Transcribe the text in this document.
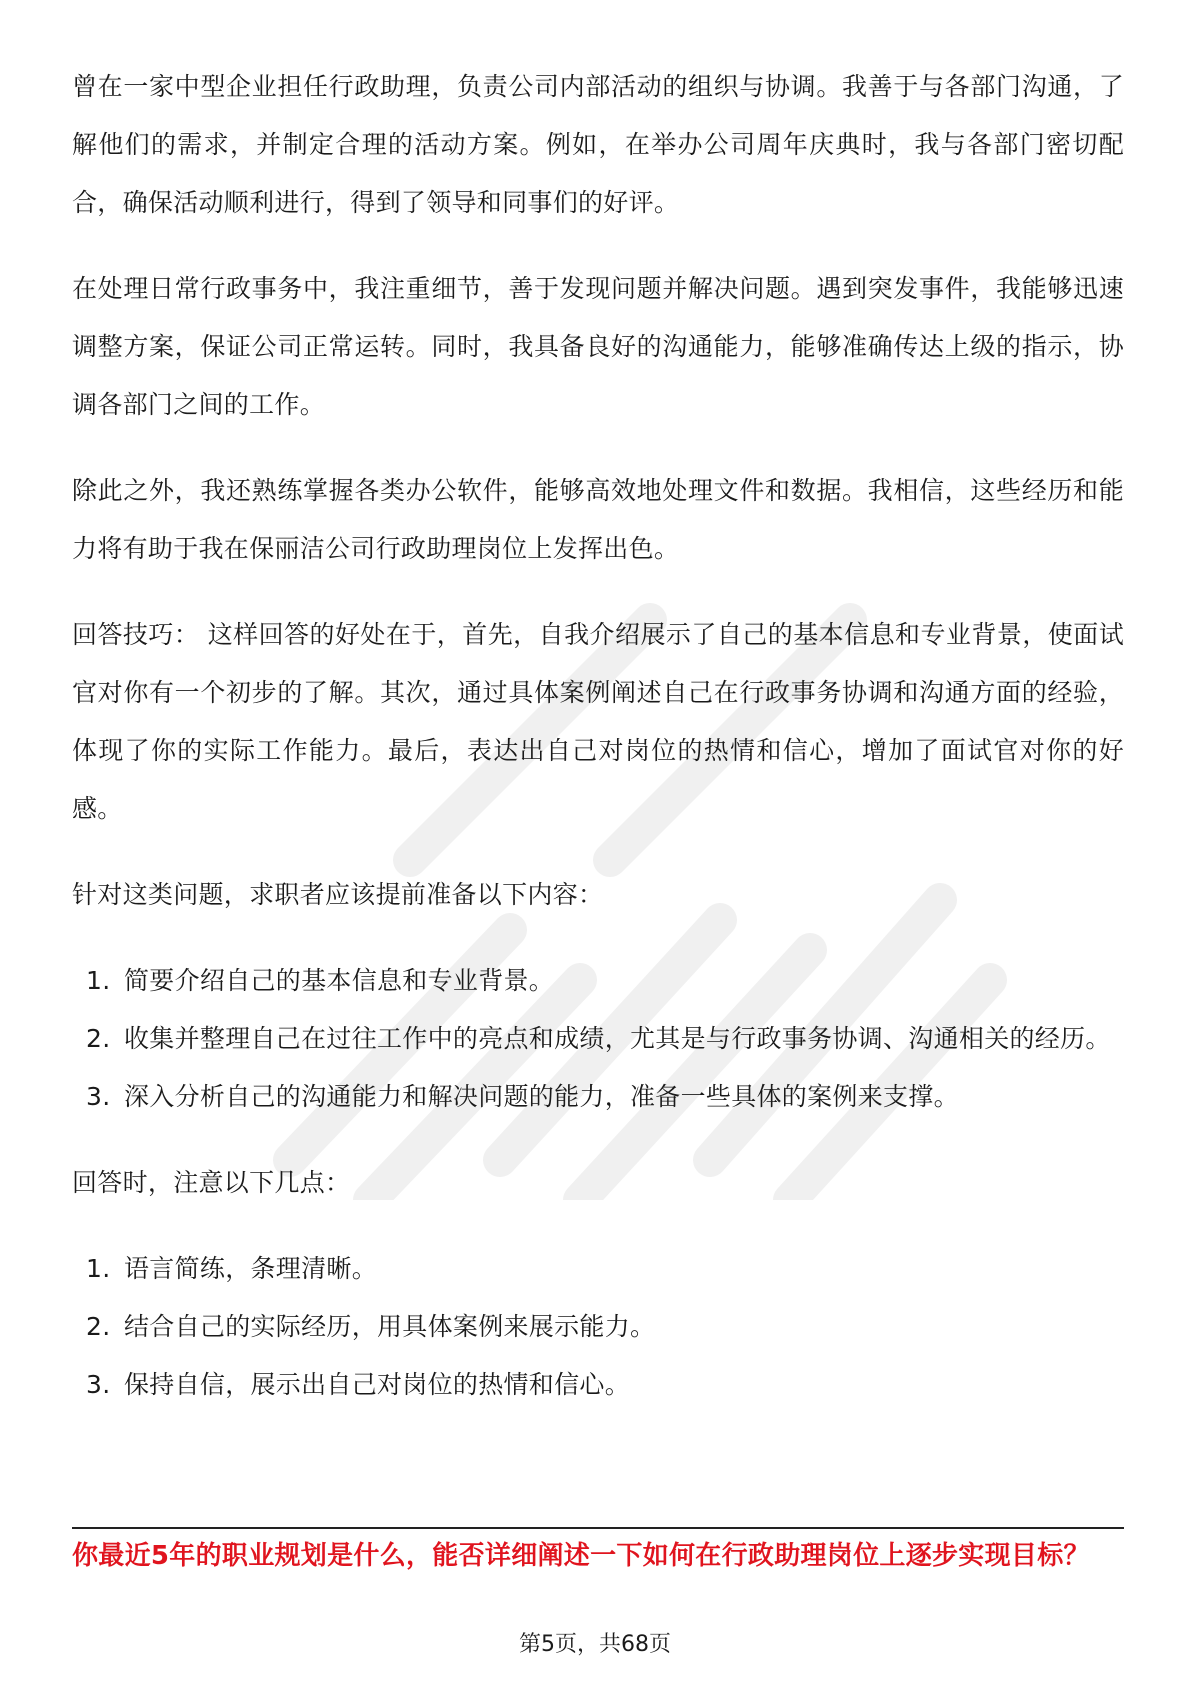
曾在一家中型企业担任行政助理，负责公司内部活动的组织与协调。我善于与各部门沟通，了解他们的需求，并制定合理的活动方案。例如，在举办公司周年庆典时，我与各部门密切配合，确保活动顺利进行，得到了领导和同事们的好评。

在处理日常行政事务中，我注重细节，善于发现问题并解决问题。遇到突发事件，我能够迅速调整方案，保证公司正常运转。同时，我具备良好的沟通能力，能够准确传达上级的指示，协调各部门之间的工作。

除此之外，我还熟练掌握各类办公软件，能够高效地处理文件和数据。我相信，这些经历和能力将有助于我在保丽洁公司行政助理岗位上发挥出色。

回答技巧： 这样回答的好处在于，首先，自我介绍展示了自己的基本信息和专业背景，使面试官对你有一个初步的了解。其次，通过具体案例阐述自己在行政事务协调和沟通方面的经验，体现了你的实际工作能力。最后，表达出自己对岗位的热情和信心，增加了面试官对你的好感。

针对这类问题，求职者应该提前准备以下内容：

1. 简要介绍自己的基本信息和专业背景。
2. 收集并整理自己在过往工作中的亮点和成绩，尤其是与行政事务协调、沟通相关的经历。
3. 深入分析自己的沟通能力和解决问题的能力，准备一些具体的案例来支撑。

回答时，注意以下几点：

1. 语言简练，条理清晰。
2. 结合自己的实际经历，用具体案例来展示能力。
3. 保持自信，展示出自己对岗位的热情和信心。
你最近5年的职业规划是什么，能否详细阐述一下如何在行政助理岗位上逐步实现目标？
第5页，共68页
